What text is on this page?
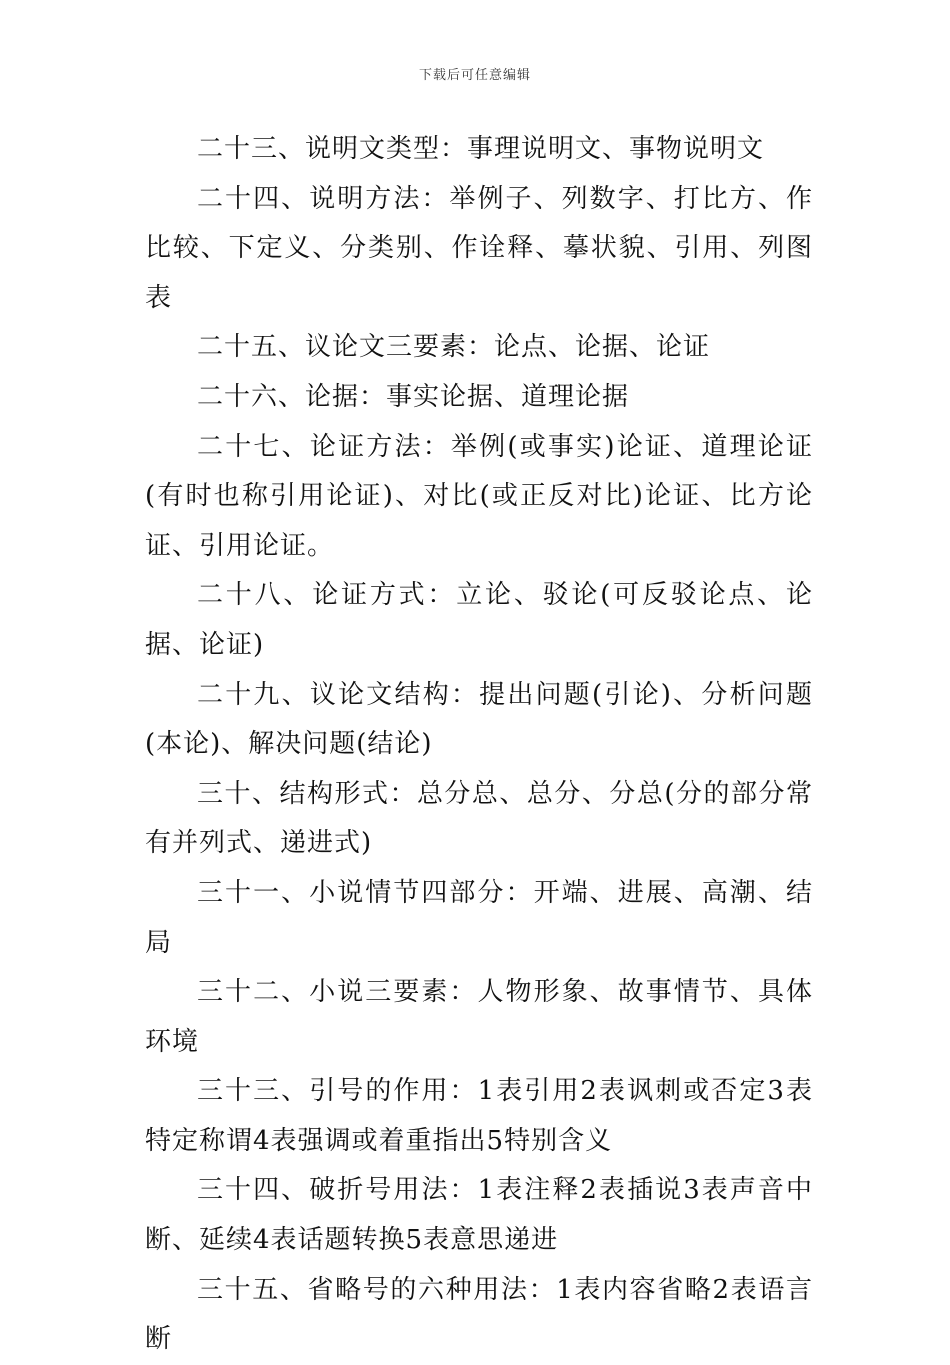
下载后可任意编辑

二十三、说明文类型：事理说明文、事物说明文

二十四、说明方法：举例子、列数字、打比方、作比较、下定义、分类别、作诠释、摹状貌、引用、列图表

二十五、议论文三要素：论点、论据、论证

二十六、论据：事实论据、道理论据

二十七、论证方法：举例(或事实)论证、道理论证(有时也称引用论证)、对比(或正反对比)论证、比方论证、引用论证。

二十八、论证方式：立论、驳论(可反驳论点、论据、论证)

二十九、议论文结构：提出问题(引论)、分析问题(本论)、解决问题(结论)

三十、结构形式：总分总、总分、分总(分的部分常有并列式、递进式)

三十一、小说情节四部分：开端、进展、高潮、结局

三十二、小说三要素：人物形象、故事情节、具体环境

三十三、引号的作用：1表引用2表讽刺或否定3表特定称谓4表强调或着重指出5特别含义

三十四、破折号用法：1表注释2表插说3表声音中断、延续4表话题转换5表意思递进

三十五、省略号的六种用法：1表内容省略2表语言断
